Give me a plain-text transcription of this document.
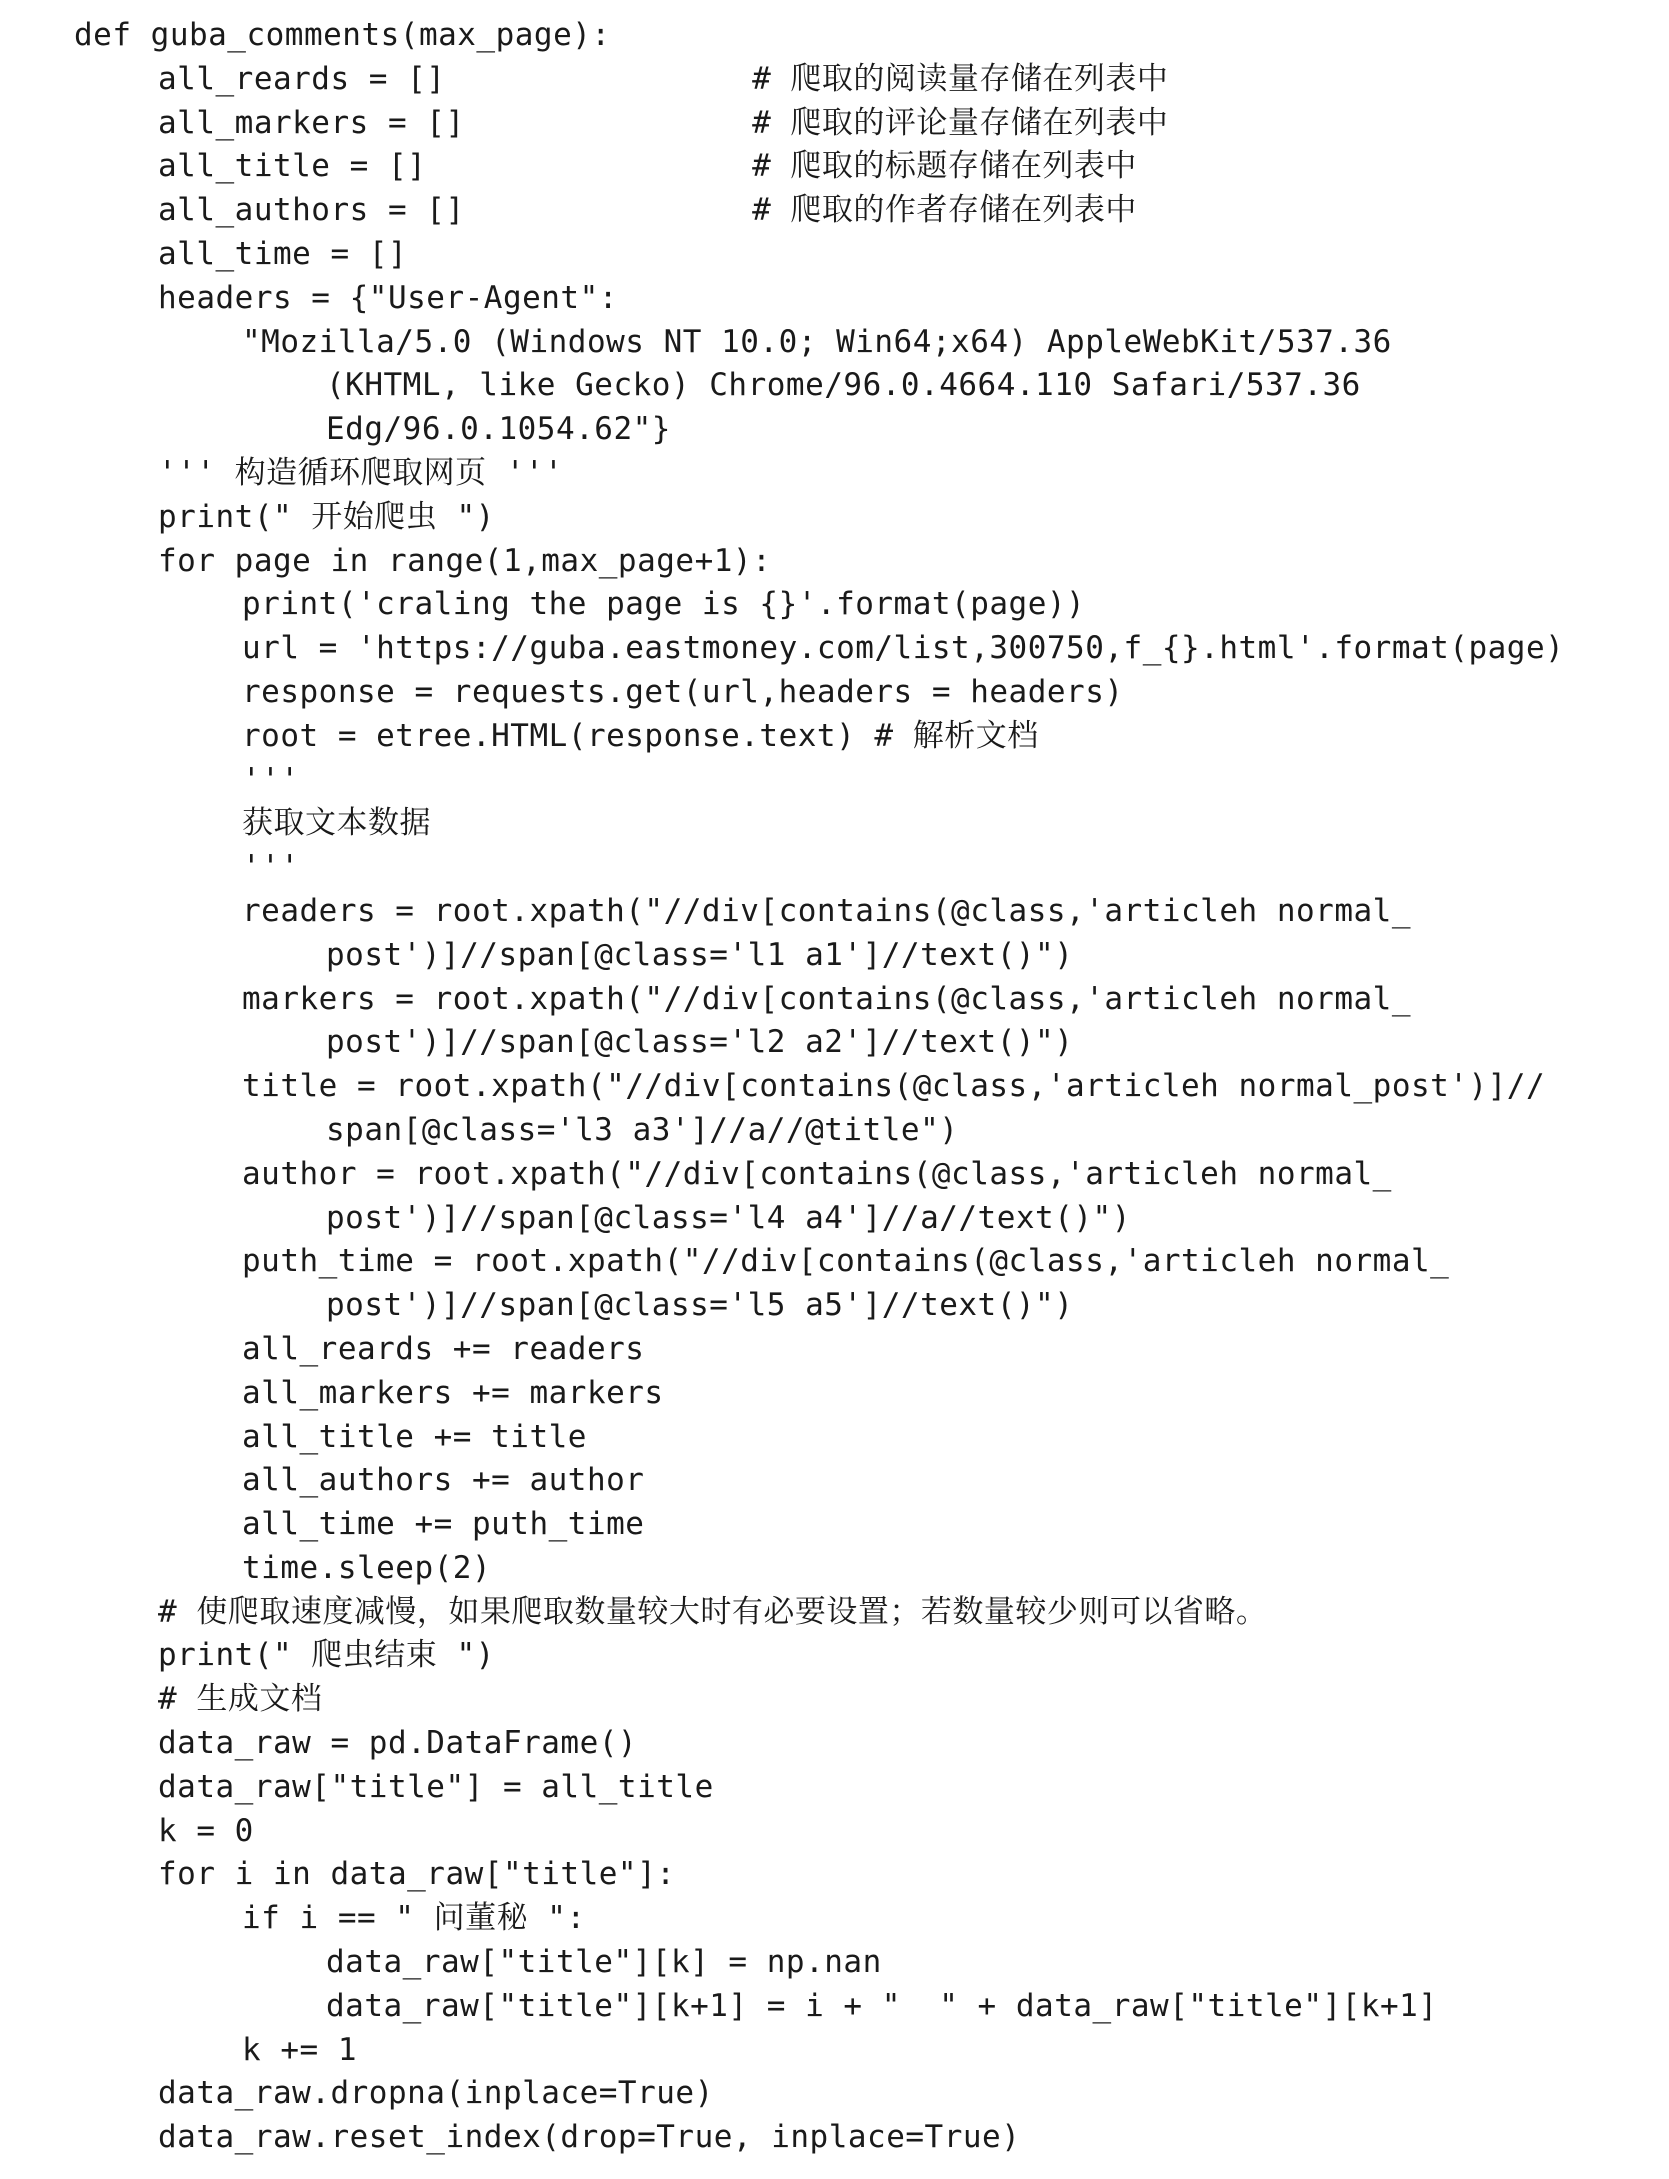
def guba_comments(max_page):
all_reards = []                # 爬取的阅读量存储在列表中
all_markers = []               # 爬取的评论量存储在列表中
all_title = []                 # 爬取的标题存储在列表中
all_authors = []               # 爬取的作者存储在列表中
all_time = []
headers = {"User-Agent":
"Mozilla/5.0 (Windows NT 10.0; Win64;x64) AppleWebKit/537.36
(KHTML, like Gecko) Chrome/96.0.4664.110 Safari/537.36
Edg/96.0.1054.62"}
''' 构造循环爬取网页 '''
print(" 开始爬虫 ")
for page in range(1,max_page+1):
print('craling the page is {}'.format(page))
url = 'https://guba.eastmoney.com/list,300750,f_{}.html'.format(page)
response = requests.get(url,headers = headers)
root = etree.HTML(response.text) # 解析文档
'''
获取文本数据
'''
readers = root.xpath("//div[contains(@class,'articleh normal_
post')]//span[@class='l1 a1']//text()")
markers = root.xpath("//div[contains(@class,'articleh normal_
post')]//span[@class='l2 a2']//text()")
title = root.xpath("//div[contains(@class,'articleh normal_post')]//
span[@class='l3 a3']//a//@title")
author = root.xpath("//div[contains(@class,'articleh normal_
post')]//span[@class='l4 a4']//a//text()")
puth_time = root.xpath("//div[contains(@class,'articleh normal_
post')]//span[@class='l5 a5']//text()")
all_reards += readers
all_markers += markers
all_title += title
all_authors += author
all_time += puth_time
time.sleep(2)
# 使爬取速度减慢，如果爬取数量较大时有必要设置；若数量较少则可以省略。
print(" 爬虫结束 ")
# 生成文档
data_raw = pd.DataFrame()
data_raw["title"] = all_title
k = 0
for i in data_raw["title"]:
if i == " 问董秘 ":
data_raw["title"][k] = np.nan
data_raw["title"][k+1] = i + "  " + data_raw["title"][k+1]
k += 1
data_raw.dropna(inplace=True)
data_raw.reset_index(drop=True, inplace=True)
